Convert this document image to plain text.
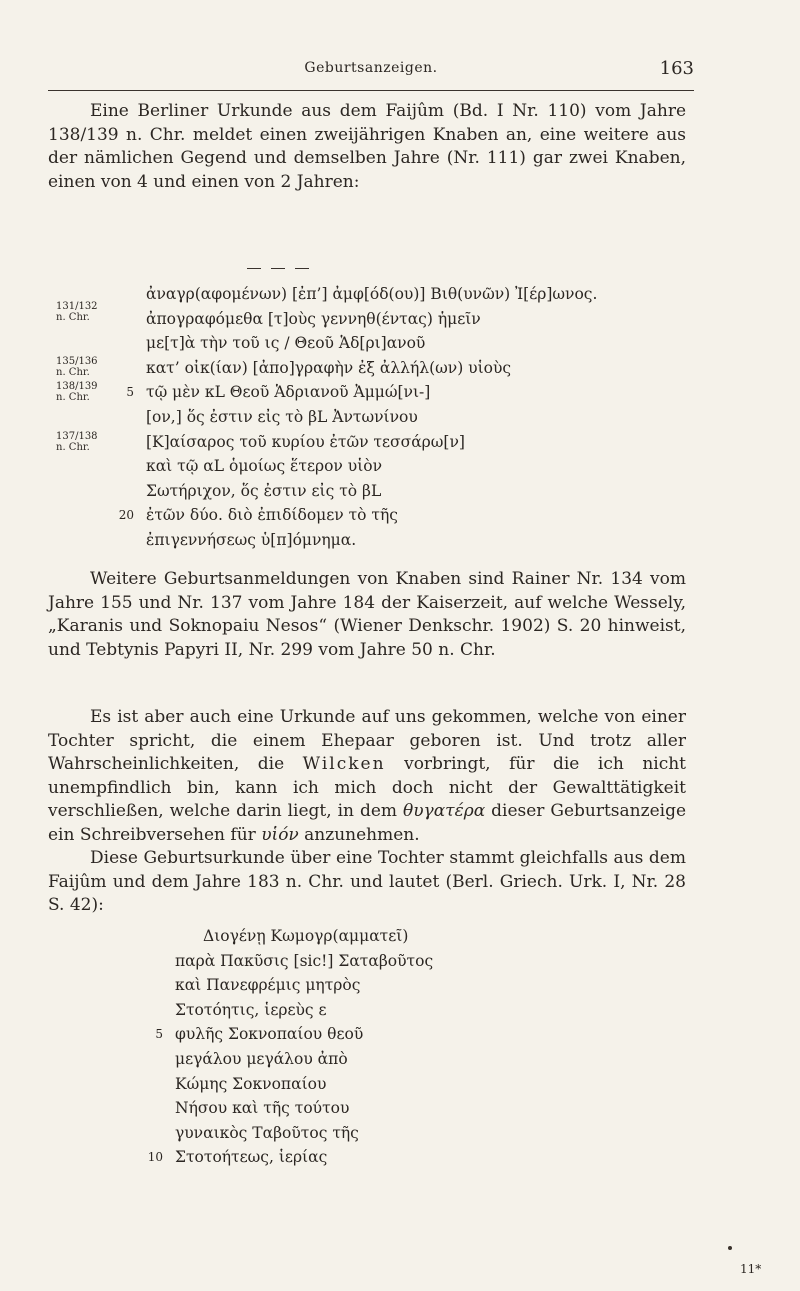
Geburtsanzeigen.	163

Eine Berliner Urkunde aus dem Faijûm (Bd. I Nr. 110) vom Jahre 138/139 n. Chr. meldet einen zweijährigen Knaben an, eine weitere aus der nämlichen Gegend und demselben Jahre (Nr. 111) gar zwei Knaben, einen von 4 und einen von 2 Jahren:

131/132
n. Chr.
135/136
n. Chr.
138/139
n. Chr.
137/138
n. Chr.
ἀναγρ(αφομένων) [ἐπ’] ἀμφ[όδ(ου)] Βιθ(υνῶν) Ἰ[έρ]ωνος.
ἀπογραφόμεθα [τ]οὺς γεννηθ(έντας) ἡμεῖν
με[τ]ὰ τὴν τοῦ ις / Θεοῦ Ἁδ[ρι]ανοῦ
κατ’ οἰκ(ίαν) [ἀπο]γραφὴν ἐξ ἀλλήλ(ων) υἱοὺς
5 τῷ μὲν κL Θεοῦ Ἁδριανοῦ Ἀμμώ[νι-]
[ον,] ὅς ἐστιν εἰς τὸ βL Ἀντωνίνου
[Κ]αίσαρος τοῦ κυρίου ἐτῶν τεσσάρω[ν]
καὶ τῷ αL ὁμοίως ἕτερον υἱὸν
Σωτήριχον, ὅς ἐστιν εἰς τὸ βL
20 ἐτῶν δύο. διὸ ἐπιδίδομεν τὸ τῆς
ἐπιγεννήσεως ὑ[π]όμνημα.

Weitere Geburtsanmeldungen von Knaben sind Rainer Nr. 134 vom Jahre 155 und Nr. 137 vom Jahre 184 der Kaiserzeit, auf welche Wessely, „Karanis und Soknopaiu Nesos“ (Wiener Denkschr. 1902) S. 20 hinweist, und Tebtynis Papyri II, Nr. 299 vom Jahre 50 n. Chr.

Es ist aber auch eine Urkunde auf uns gekommen, welche von einer Tochter spricht, die einem Ehepaar geboren ist. Und trotz aller Wahrscheinlichkeiten, die Wilcken vorbringt, für die ich nicht unempfindlich bin, kann ich mich doch nicht der Gewalttätigkeit verschließen, welche darin liegt, in dem θυγατέρα dieser Geburtsanzeige ein Schreibversehen für υἱόν anzunehmen.

Diese Geburtsurkunde über eine Tochter stammt gleichfalls aus dem Faijûm und dem Jahre 183 n. Chr. und lautet (Berl. Griech. Urk. I, Nr. 28 S. 42):

Διογένῃ Κωμογρ(αμματεῖ)
παρὰ Πακῦσις [sic!] Σαταβοῦτος
καὶ Πανεφρέμις μητρὸς
Στοτόητις, ἱερεὺς ε
5 φυλῆς Σοκνοπαίου θεοῦ
μεγάλου μεγάλου ἀπὸ
Κώμης Σοκνοπαίου
Νήσου καὶ τῆς τούτου
γυναικὸς Ταβοῦτος τῆς
10 Στοτοήτεως, ἱερίας
11*
